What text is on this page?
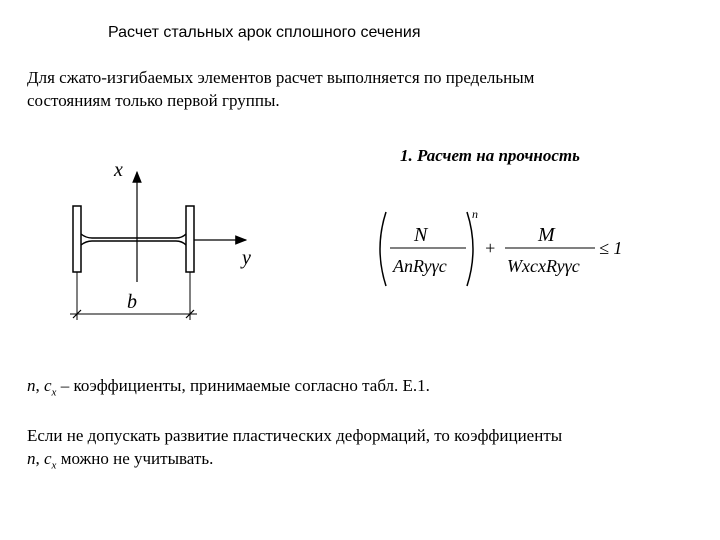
Расчет стальных арок сплошного сечения
Для сжато-изгибаемых элементов расчет выполняется по предельным
состояниям только первой группы.
1. Расчет на прочность
x
y
b
N
AnRyγc
n
+
M
WxcxRyγc
≤ 1
n, $c_x$ – коэффициенты, принимаемые согласно табл. Е.1.
Если не допускать развитие пластических деформаций, то коэффициенты
n, $c_x$ можно не учитывать.
